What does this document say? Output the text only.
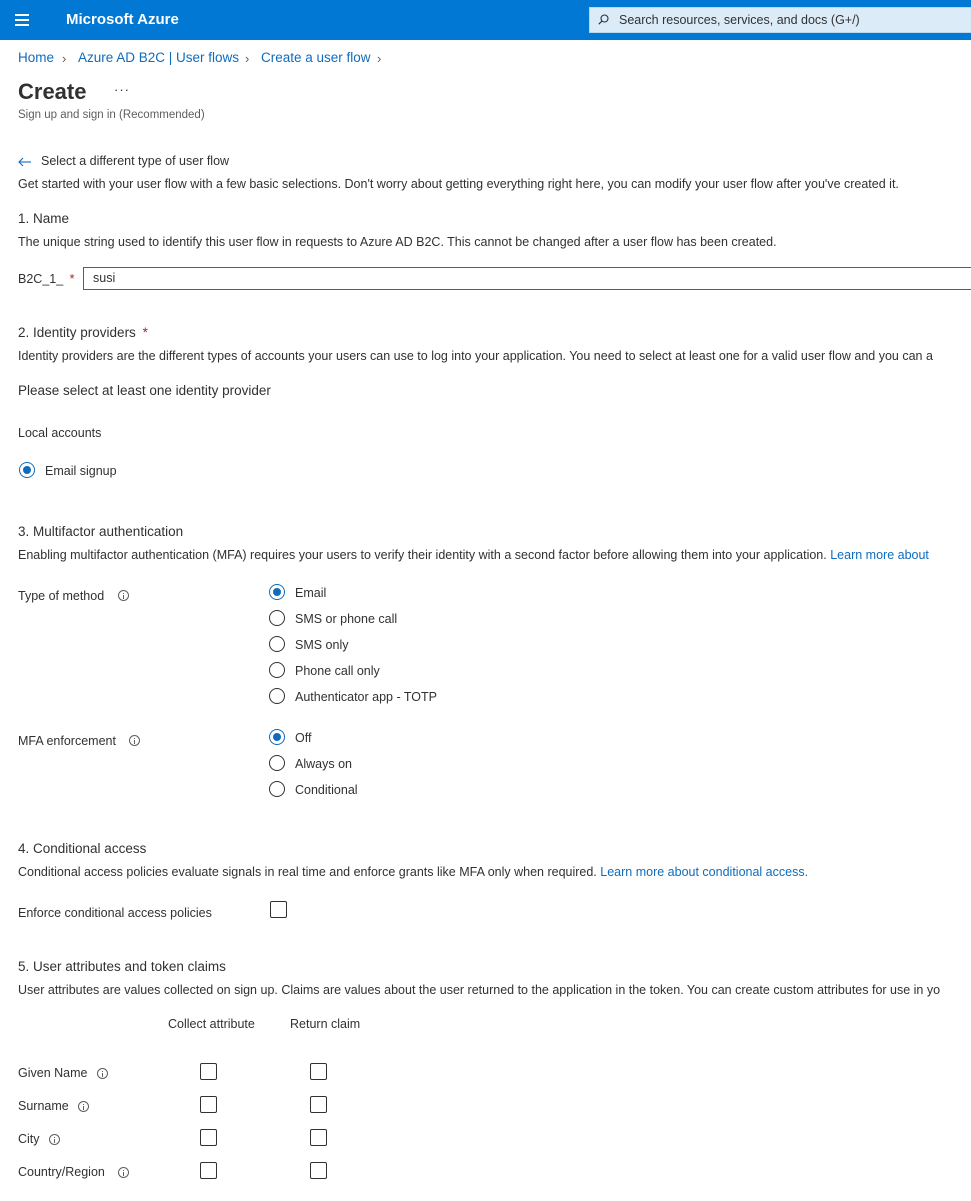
Microsoft Azure	Search resources, services, and docs (G+/)
Home › Azure AD B2C | User flows › Create a user flow ›
Create ···
Sign up and sign in (Recommended)
Select a different type of user flow
Get started with your user flow with a few basic selections. Don't worry about getting everything right here, you can modify your user flow after you've created it.
1. Name
The unique string used to identify this user flow in requests to Azure AD B2C. This cannot be changed after a user flow has been created.
B2C_1_ *
susi
2. Identity providers *
Identity providers are the different types of accounts your users can use to log into your application. You need to select at least one for a valid user flow and you can a
Please select at least one identity provider
Local accounts
Email signup
3. Multifactor authentication
Enabling multifactor authentication (MFA) requires your users to verify their identity with a second factor before allowing them into your application. Learn more about
Type of method	Email
SMS or phone call
SMS only
Phone call only
Authenticator app - TOTP
MFA enforcement	Off
Always on
Conditional
4. Conditional access
Conditional access policies evaluate signals in real time and enforce grants like MFA only when required. Learn more about conditional access.
Enforce conditional access policies
5. User attributes and token claims
User attributes are values collected on sign up. Claims are values about the user returned to the application in the token. You can create custom attributes for use in yo
Collect attribute	Return claim
Given Name
Surname
City
Country/Region
